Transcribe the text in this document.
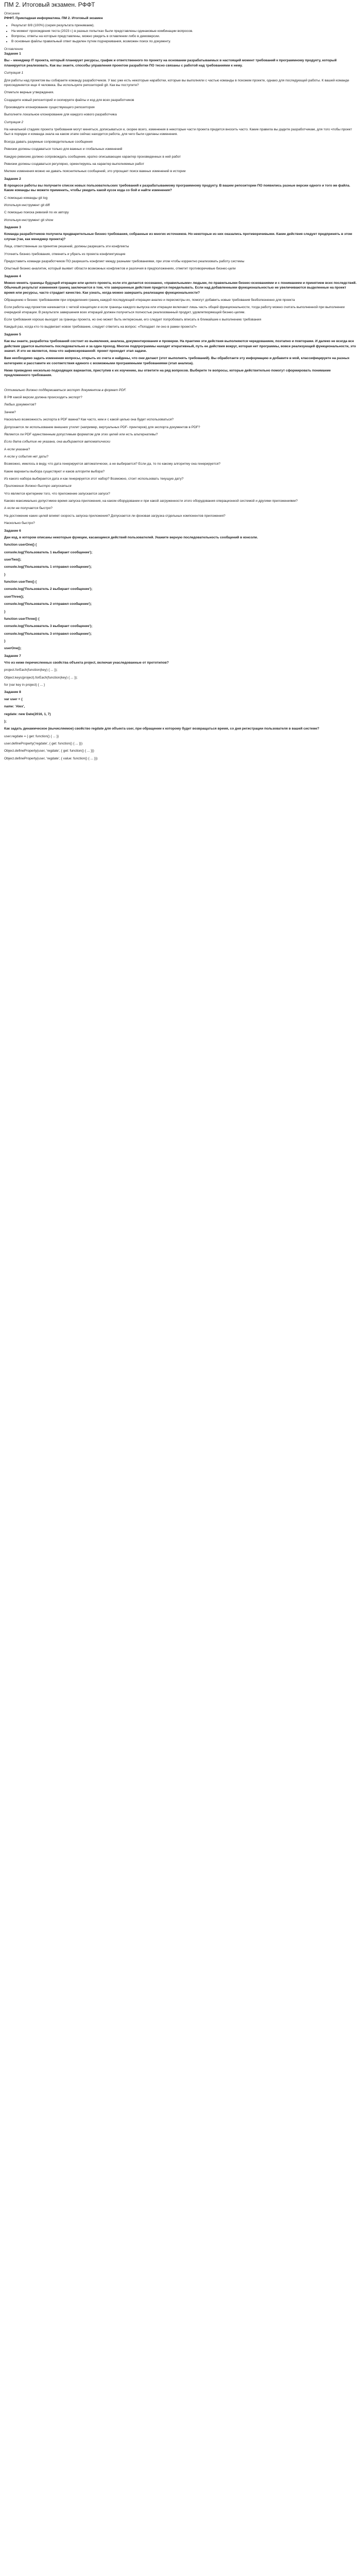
ПМ 2. Итоговый экзамен. РФФТ

Описание

РФФТ. Прикладная информатика. ПМ 2. Итоговый экзамен

• Результат 8/8 (100%) (серия результата принимаем).
• На момент прохождения теста (2023 г.) в разных попытках были представлены одинаковые комбинации вопросов.
• Вопросы, ответы на которые представлены, можно увидеть в оглавлении либо в демоверсии.
• В основные файлы правильный ответ выделен путем подчеркивания, возможен поиск по документу.

Оглавление

Задание 1

Вы – менеджер IT проекта, который планирует ресурсы, график и ответственного по проекту на основании разрабатываемых в настоящий момент требований к программному продукту, который планируется реализовать. Как вы знаете, способы управления проектом разработки ПО тесно связаны с работой над требованиями к нему.

Ситуация 1

Для работы над проектом вы собираете команду разработчиков. У вас уже есть некоторые наработки, которые вы выполняли с частью команды в похожем проекте, однако для последующей работы. К вашей команде присоединяется еще 4 человека. Вы используете репозиторий git. Как вы поступите?

Отметьте верные утверждения.

Создадите новый репозиторий и скопируете файлы и код для всех разработчиков

Произведете клонирование существующего репозитория

Выполните локальное клонирование для каждого нового разработчика

Ситуация 2

На начальной стадиях проекта требования могут меняться, дописываться и, скорее всего, изменения в некоторые части проекта придется вносить часто. Какие правила вы дадите разработчикам, для того чтобы проект был в порядке и команда знала на каком этапе сейчас находится работа, для чего были сделаны изменения.

Всегда давать разумные сопроводительные сообщения

Ревизии должны создаваться только для важных и глобальных изменений

Каждую ревизию должно сопровождать сообщение, кратко описывающее характер произведенных в ней работ

Ревизии должны создаваться регулярно, ориентируясь на характер выполняемых работ

Мелкие изменения можно не давать пояснительных сообщений, это упрощает поиск важных изменений в истории

Задание 2

В процессе работы вы получаете список новых пользовательских требований к разрабатываемому программному продукту. В вашем репозитории ПО появились разные версии одного и того же файла. Какие команды вы можете применить, чтобы увидеть какой кусок кода со бой и найти изменения?

С помощью команды git log

Используя инструмент git diff

С помощью поиска ревизий по их автору

Используя инструмент git show

Задание 3

Команда разработчиков получила предварительные бизнес-требования, собранные из многих источников. Но некоторые из них оказались противоречивыми. Какие действия следует предпринять в этом случае (так, как менеджер проекта)?

Лица, ответственные за принятие решений, должны разрешить эти конфликты

Уточнить бизнес-требования, отменить и убрать из проекта конфликтующие

Предоставить команде разработчиков ПО разрешить конфликт между разными требованиями, при этом чтобы корректно реализовать работу системы

Опытный бизнес-аналитик, который выявит области возможных конфликтов и различия в предположениях, отметит противоречивые бизнес-цели

Задание 4

Можно менять границы будущей итерации или целого проекта, если это делается осознанно, «правильными» людьми, по правильными бизнес-основаниями и с пониманием и принятием всех последствий. Обычный результат изменения границ заключается в том, что завершенные действия придется переделывать. Если над добавленными функциональностью не увеличиваются выделенные на проект время или ресурсы, часто страдает качество. Как узнать, когда можно завершить реализацию функциональности?

Обращению к бизнес требованиям при определения границ каждой последующей итерации анализ и пересмотры их, помогут добавить новые требования безболезненно для проекта

Если работа над проектом начинается с четкой концепции и если границы каждого выпуска или итерации включают лишь часть общей функциональности, тогда работу можно считать выполненной при выполнении очередной итерации. В результате завершения всех итераций должен получиться полностью реализованный продукт, удовлетворяющий бизнес-целям.

Если требования хорошо выходят за границы проекта, но оно может быть интересным, его следует попробовать вписать в ближайшие к выполнению требования

Каждый раз, когда кто-то выдвигает новое требование, следует ответить на вопрос: «Попадает ли оно в рамки проекта?»

Задание 5

Как вы знаете, разработка требований состоит из выявления, анализа, документирования и проверки. На практике эти действия выполняются чередованием, поэтапно и повторами. И далеко не всегда все действия удается выполнить последовательно и за один проход. Многие подпрограммы находят итеративный, путь ее действия вокруг, которая нет программы, вовсе реализующей функциональности, это значит. И это не является, пока что зафиксированной: проект проходит этап задаче.

Вам необходимо задать изменения вопросы, открыть их счета и найдены, что они делают (этот выполнять требований). Вы обработаете эту информацию и добавите в мой, классифицируете на разных категориях и расставите их соответствия единого с возможными программными требованиями (этап анализа).

Ниже приведено несколько подходящих вариантов, приступив к их изучению, вы ответите на ряд вопросов. Выберите те вопросы, которые действительно помогут сформировать понимание предложенного требования.

Оптимально должно поддерживаться экспорт документов в формат PDF.

В РФ какой версии должна происходить экспорт?

Любых документов?

Зачем?

Насколько возможность экспорта в PDF важна? Как часто, кем и с какой целью она будет использоваться?

Допускается ли использование внешних утилит (например, виртуальных PDF- принтеров) для экспорта документов в PDF?

Является ли PDF единственным допустимым форматом для этих целей или есть альтернативы?

Если дата событие не указана, она выбирается автоматически

А если указана?

А если у события нет даты?

Возможно, имелось в виду, что дата генерируется автоматически, а не выбирается? Если да, то по какому алгоритму она генерируется?

Какие варианты выбора существуют и каков алгоритм выбора?

Из какого набора выбирается дата и как генерируется этот набор? Возможно, стоит использовать текущую дату?

Приложение должно быстро запускаться

Что является критерием того, что приложение запускается запуск?

Каково максимально допустимое время запуска приложения, на каком оборудовании и при какой загруженности этого оборудования операционной системой и другими приложениями?

А если не получается быстро?

На достижение каких целей влияет скорость запуска приложения? Допускается ли фоновая загрузка отдельных компонентов приложения?

Насколько быстро?

Задание 6

Дан код, в котором описаны некоторые функции, касающиеся действий пользователей. Укажите верную последовательность сообщений в консоли.

function userOne() {

console.log('Пользователь 1 выбирает сообщение');

userTwo();

console.log('Пользователь 1 отправил сообщение');

}

function userTwo() {

console.log('Пользователь 2 выбирает сообщение');

userThree();

console.log('Пользователь 2 отправил сообщение');

}

function userThree() {

console.log('Пользователь 3 выбирает сообщение');

console.log('Пользователь 3 отправил сообщение');

}

userOne();

Задание 7

Что из ниже перечисленных свойства объекта project, включая унаследованные от прототипов?

project.forEach(function(key) { ... });

Object.keys(project).forEach(function(key) { ... });

for (var key in project) { ... }

Задание 8

var user = {

name: 'Alex',

regdate: new Date(2016, 1, 7)

};

Как задать динамическое (вычисляемое) свойство regdate для объекта user, при обращении к которому будет возвращаться время, со дня регистрации пользователя в вашей системе?

user.regdate = { get: function() { ... }}

user.defineProperty('regdate', { get: function() { ... }})

Object.defineProperty(user, 'regdate', { get: function() { ... }})

Object.defineProperty(user, 'regdate', { value: function() { ... }})
